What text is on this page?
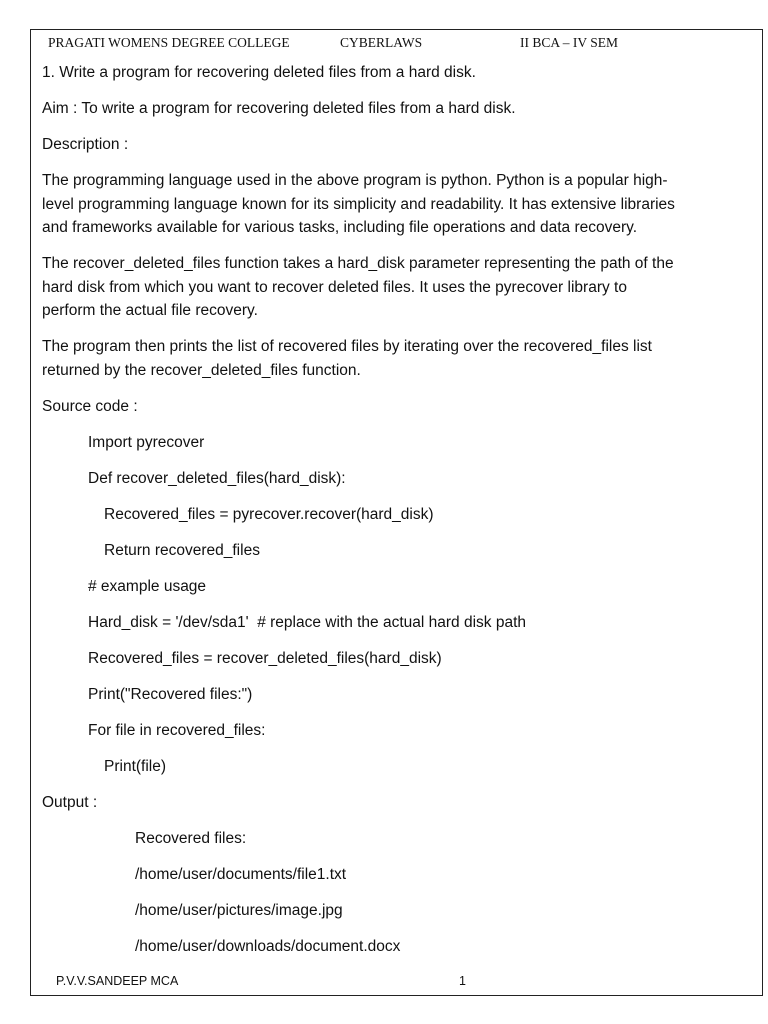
PRAGATI WOMENS DEGREE COLLEGE	CYBERLAWS	II BCA – IV SEM

1. Write a program for recovering deleted files from a hard disk.

Aim : To write a program for recovering deleted files from a hard disk.

Description :

The programming language used in the above program is python. Python is a popular high-
level programming language known for its simplicity and readability. It has extensive libraries
and frameworks available for various tasks, including file operations and data recovery.

The recover_deleted_files function takes a hard_disk parameter representing the path of the
hard disk from which you want to recover deleted files. It uses the pyrecover library to
perform the actual file recovery.

The program then prints the list of recovered files by iterating over the recovered_files list
returned by the recover_deleted_files function.

Source code :

Import pyrecover

Def recover_deleted_files(hard_disk):

Recovered_files = pyrecover.recover(hard_disk)

Return recovered_files

# example usage

Hard_disk = '/dev/sda1'  # replace with the actual hard disk path

Recovered_files = recover_deleted_files(hard_disk)

Print("Recovered files:")

For file in recovered_files:

Print(file)

Output :

Recovered files:

/home/user/documents/file1.txt

/home/user/pictures/image.jpg

/home/user/downloads/document.docx

P.V.V.SANDEEP MCA	1
